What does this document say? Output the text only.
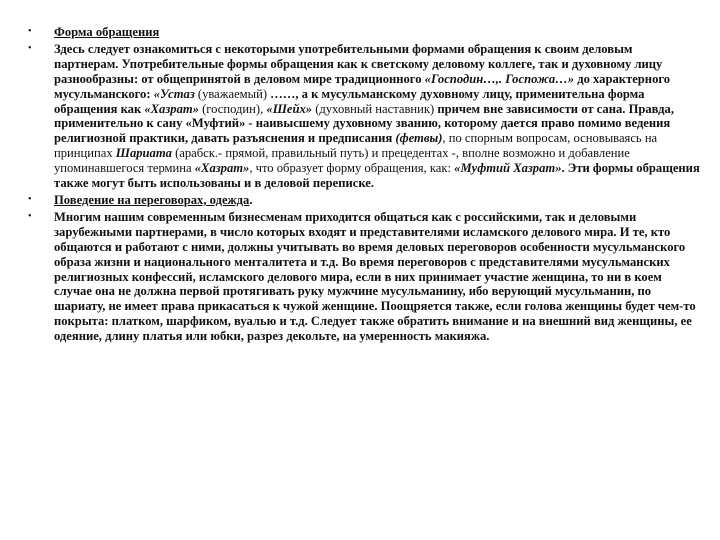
• Форма обращения
• Здесь следует ознакомиться с некоторыми употребительными формами обращения к своим деловым партнерам. Употребительные формы обращения как к светскому деловому коллеге, так и духовному лицу разнообразны: от общепринятой в деловом мире традиционного «Господин…,. Госпожа…» до характерного мусульманского: «Устаз (уважаемый) ……, а к мусульманскому духовному лицу, применительна форма обращения как «Хазрат» (господин), «Шейх» (духовный наставник) причем вне зависимости от сана. Правда, применительно к сану «Муфтий» - наивысшему духовному званию, которому дается право помимо ведения религиозной практики, давать разъяснения и предписания (фетвы), по спорным вопросам, основываясь на принципах Шариата (арабск.- прямой, правильный путь) и прецедентах -, вполне возможно и добавление упоминавшегося термина «Хазрат», что образует форму обращения, как: «Муфтий Хазрат». Эти формы обращения также могут быть использованы и в деловой переписке.
• Поведение на переговорах, одежда.
• Многим нашим современным бизнесменам приходится общаться как с российскими, так и деловыми зарубежными партнерами, в число которых входят и представителями исламского делового мира. И те, кто общаются и работают с ними, должны учитывать во время деловых переговоров особенности мусульманского образа жизни и национального менталитета и т.д. Во время переговоров с представителями мусульманских религиозных конфессий, исламского делового мира, если в них принимает участие женщина, то ни в коем случае она не должна первой протягивать руку мужчине мусульманину, ибо верующий мусульманин, по шариату, не имеет права прикасаться к чужой женщине. Поощряется также, если голова женщины будет чем-то покрыта: платком, шарфиком, вуалью и т.д. Следует также обратить внимание и на внешний вид женщины, ее одеяние, длину платья или юбки, разрез декольте, на умеренность макияжа.
